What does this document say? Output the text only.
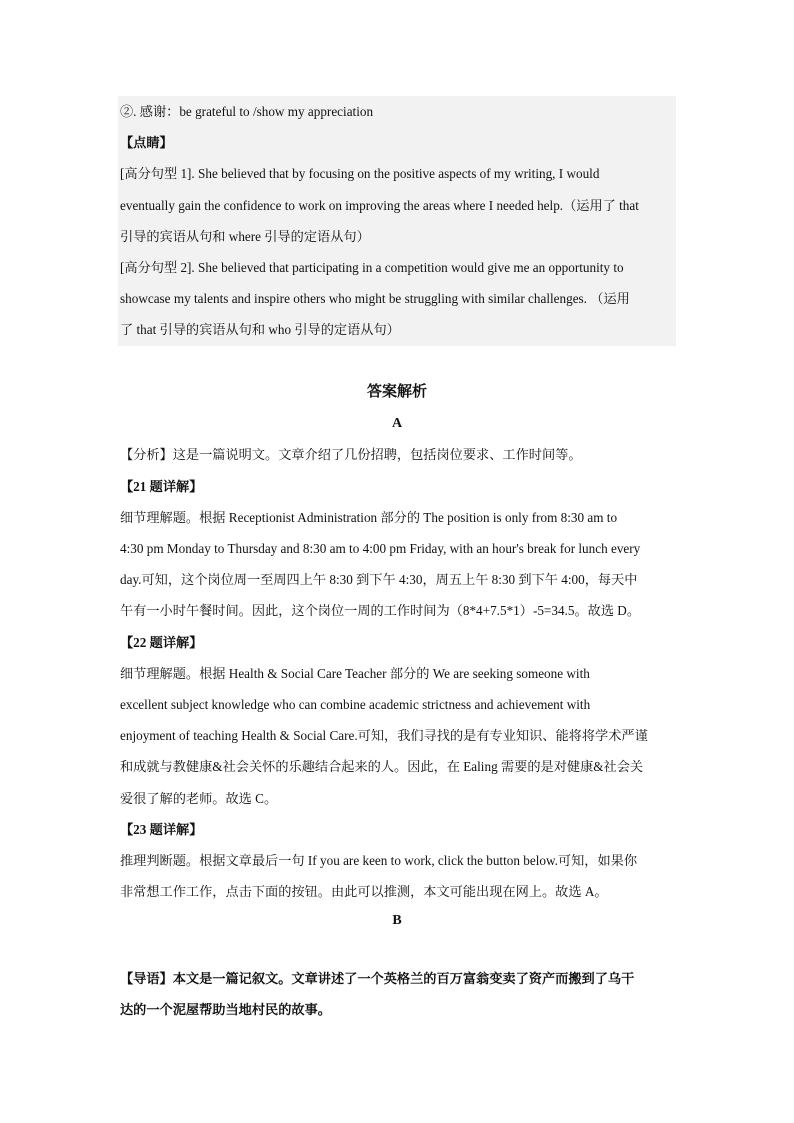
②. 感谢：be grateful to /show my appreciation
【点睛】
[高分句型 1]. She believed that by focusing on the positive aspects of my writing, I would
eventually gain the confidence to work on improving the areas where I needed help.（运用了 that
引导的宾语从句和 where 引导的定语从句）
[高分句型 2]. She believed that participating in a competition would give me an opportunity to
showcase my talents and inspire others who might be struggling with similar challenges. （运用
了 that 引导的宾语从句和 who 引导的定语从句）
答案解析
A
【分析】这是一篇说明文。文章介绍了几份招聘，包括岗位要求、工作时间等。
【21 题详解】
细节理解题。根据 Receptionist Administration 部分的 The position is only from 8:30 am to
4:30 pm Monday to Thursday and 8:30 am to 4:00 pm Friday, with an hour's break for lunch every
day.可知，这个岗位周一至周四上午 8:30 到下午 4:30，周五上午 8:30 到下午 4:00，每天中
午有一小时午餐时间。因此，这个岗位一周的工作时间为（8*4+7.5*1）-5=34.5。故选 D。
【22 题详解】
细节理解题。根据 Health & Social Care Teacher 部分的 We are seeking someone with
excellent subject knowledge who can combine academic strictness and achievement with
enjoyment of teaching Health & Social Care.可知，我们寻找的是有专业知识、能将将学术严谨
和成就与教健康&社会关怀的乐趣结合起来的人。因此，在 Ealing 需要的是对健康&社会关
爱很了解的老师。故选 C。
【23 题详解】
推理判断题。根据文章最后一句 If you are keen to work, click the button below.可知，如果你
非常想工作工作，点击下面的按钮。由此可以推测，本文可能出现在网上。故选 A。
B
【导语】本文是一篇记叙文。文章讲述了一个英格兰的百万富翁变卖了资产而搬到了乌干
达的一个泥屋帮助当地村民的故事。
